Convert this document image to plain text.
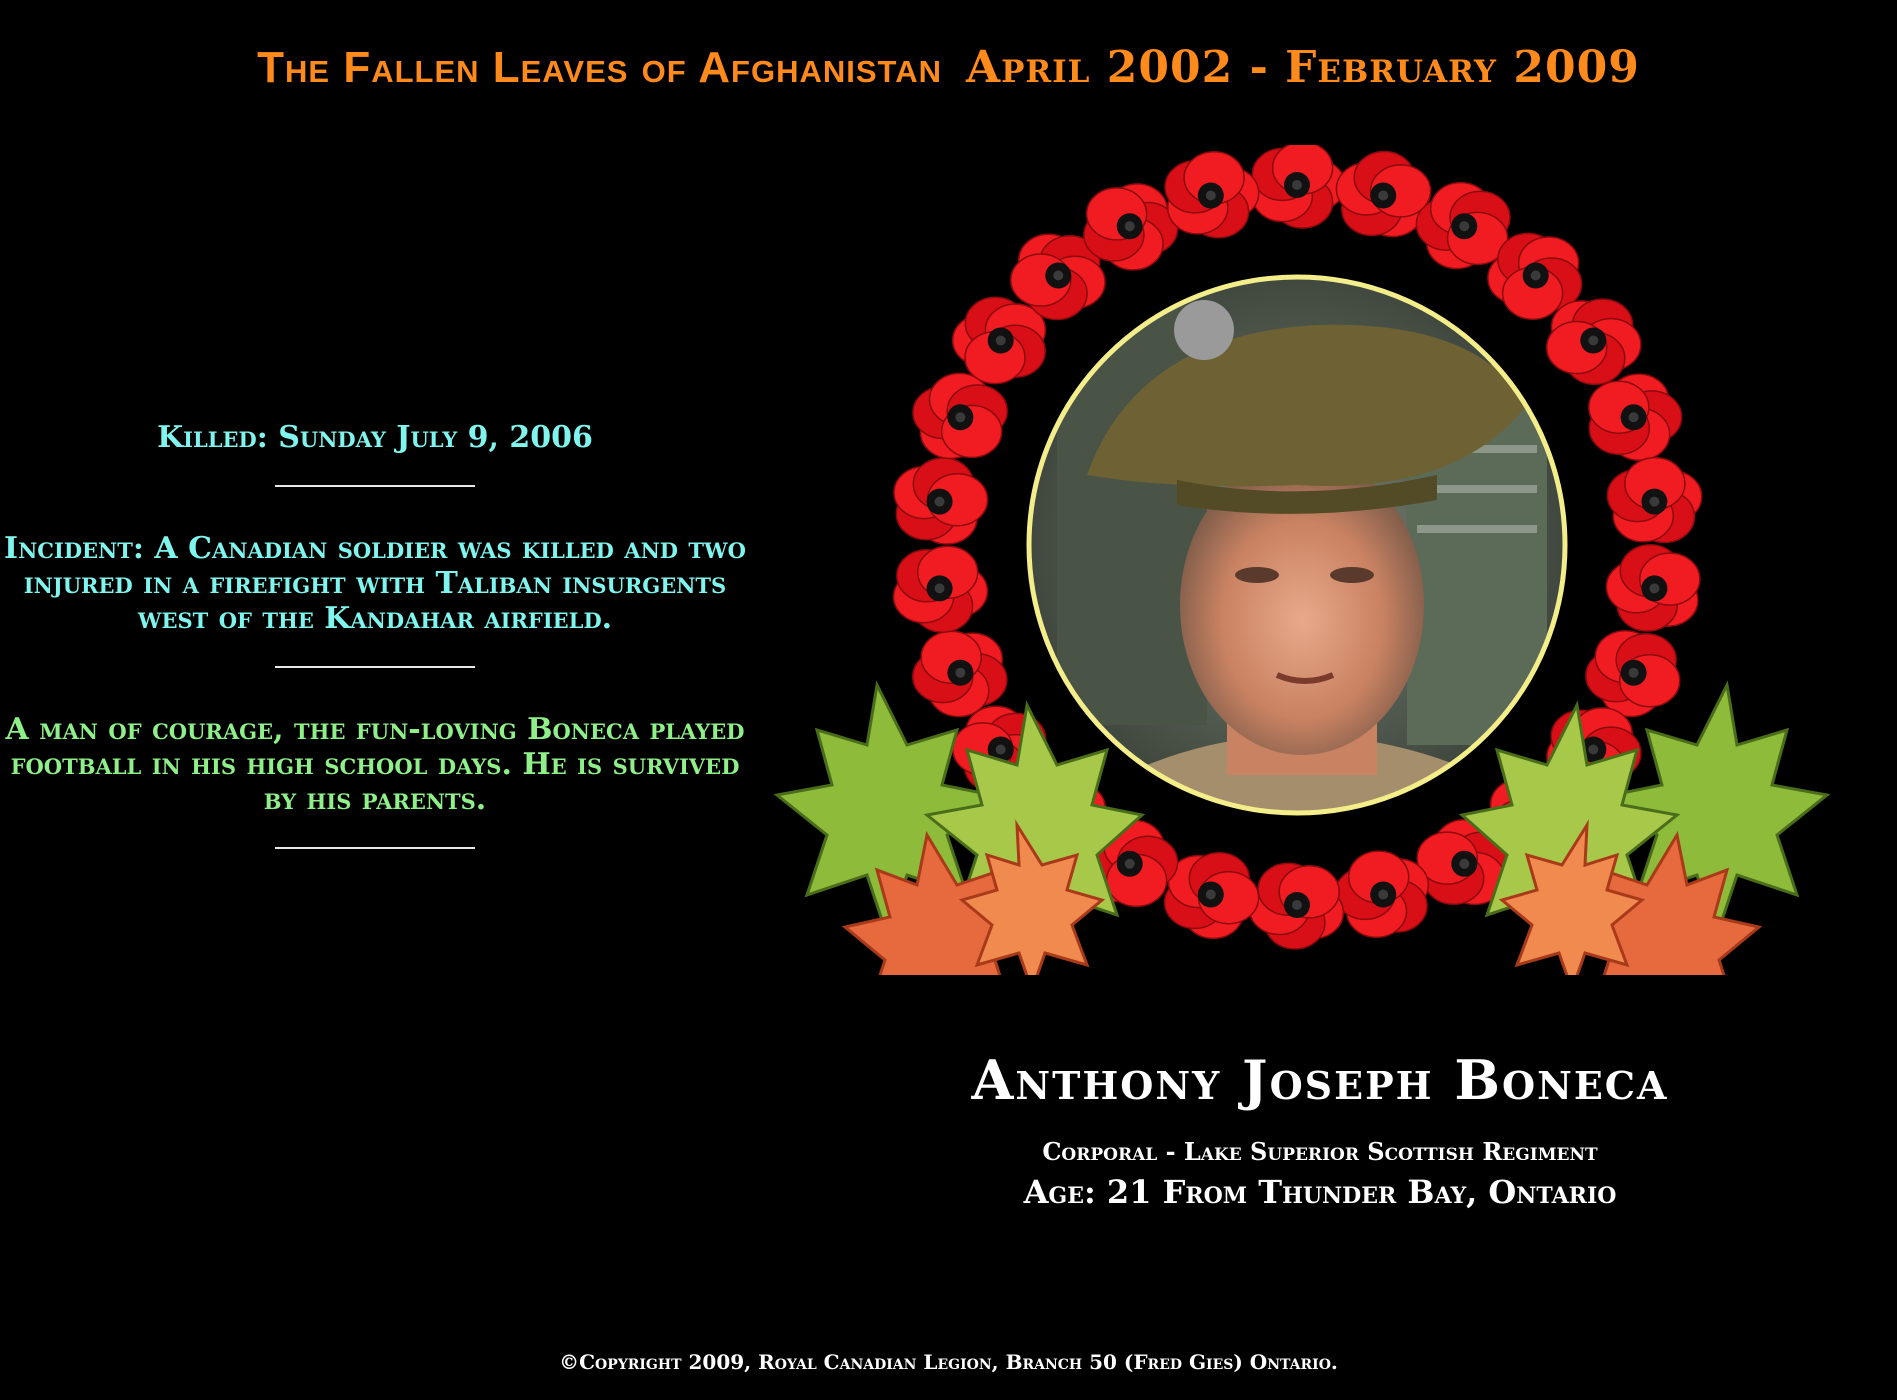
The Fallen Leaves of Afghanistan April 2002 - February 2009

Killed: Sunday July 9, 2006

Incident: A Canadian soldier was killed and two injured in a firefight with Taliban insurgents west of the Kandahar airfield.

A man of courage, the fun-loving Boneca played football in his high school days. He is survived by his parents.

Anthony Joseph Boneca
Corporal - Lake Superior Scottish Regiment
Age: 21 From Thunder Bay, Ontario
©Copyright 2009, Royal Canadian Legion, Branch 50 (Fred Gies) Ontario.
